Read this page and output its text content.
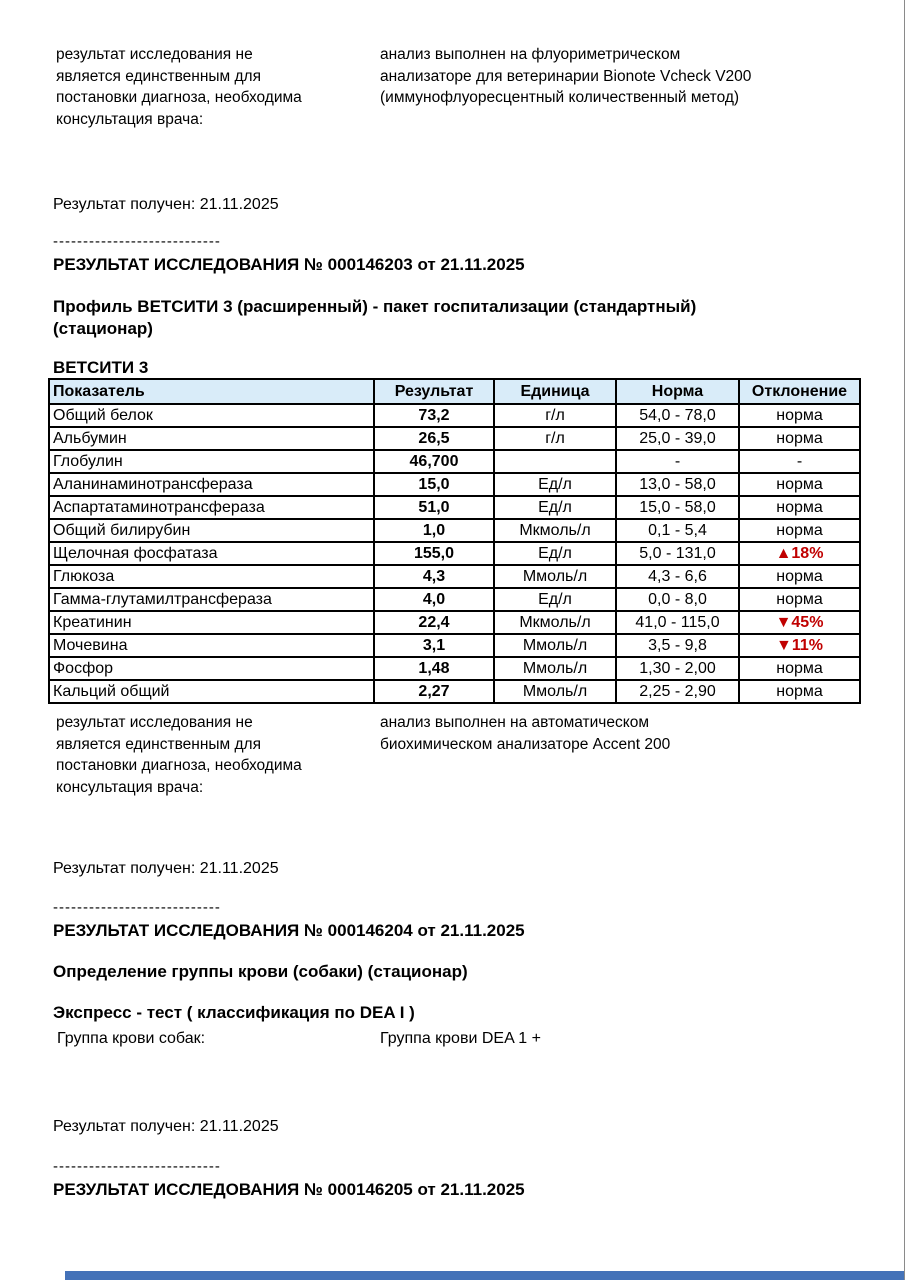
результат исследования не
является единственным для
постановки диагноза, необходима
консультация врача:
анализ выполнен на флуориметрическом
анализаторе для ветеринарии Bionote Vcheck V200
(иммунофлуоресцентный количественный метод)
Результат получен: 21.11.2025
----------------------------
РЕЗУЛЬТАТ ИССЛЕДОВАНИЯ № 000146203 от 21.11.2025
Профиль ВЕТСИТИ 3 (расширенный) - пакет госпитализации (стандартный)
(стационар)
ВЕТСИТИ 3
Показатель	Результат	Единица	Норма	Отклонение
Общий белок	73,2	г/л	54,0 - 78,0	норма
Альбумин	26,5	г/л	25,0 - 39,0	норма
Глобулин	46,700		-	-
Аланинаминотрансфераза	15,0	Ед/л	13,0 - 58,0	норма
Аспартатаминотрансфераза	51,0	Ед/л	15,0 - 58,0	норма
Общий билирубин	1,0	Мкмоль/л	0,1 - 5,4	норма
Щелочная фосфатаза	155,0	Ед/л	5,0 - 131,0	▲18%
Глюкоза	4,3	Ммоль/л	4,3 - 6,6	норма
Гамма-глутамилтрансфераза	4,0	Ед/л	0,0 - 8,0	норма
Креатинин	22,4	Мкмоль/л	41,0 - 115,0	▼45%
Мочевина	3,1	Ммоль/л	3,5 - 9,8	▼11%
Фосфор	1,48	Ммоль/л	1,30 - 2,00	норма
Кальций общий	2,27	Ммоль/л	2,25 - 2,90	норма
результат исследования не
является единственным для
постановки диагноза, необходима
консультация врача:
анализ выполнен на автоматическом
биохимическом анализаторе Accent 200
Результат получен: 21.11.2025
----------------------------
РЕЗУЛЬТАТ ИССЛЕДОВАНИЯ № 000146204 от 21.11.2025
Определение группы крови (собаки) (стационар)
Экспресс - тест ( классификация по DEA I )
Группа крови собак:	Группа крови DEA 1 +
Результат получен: 21.11.2025
----------------------------
РЕЗУЛЬТАТ ИССЛЕДОВАНИЯ № 000146205 от 21.11.2025
